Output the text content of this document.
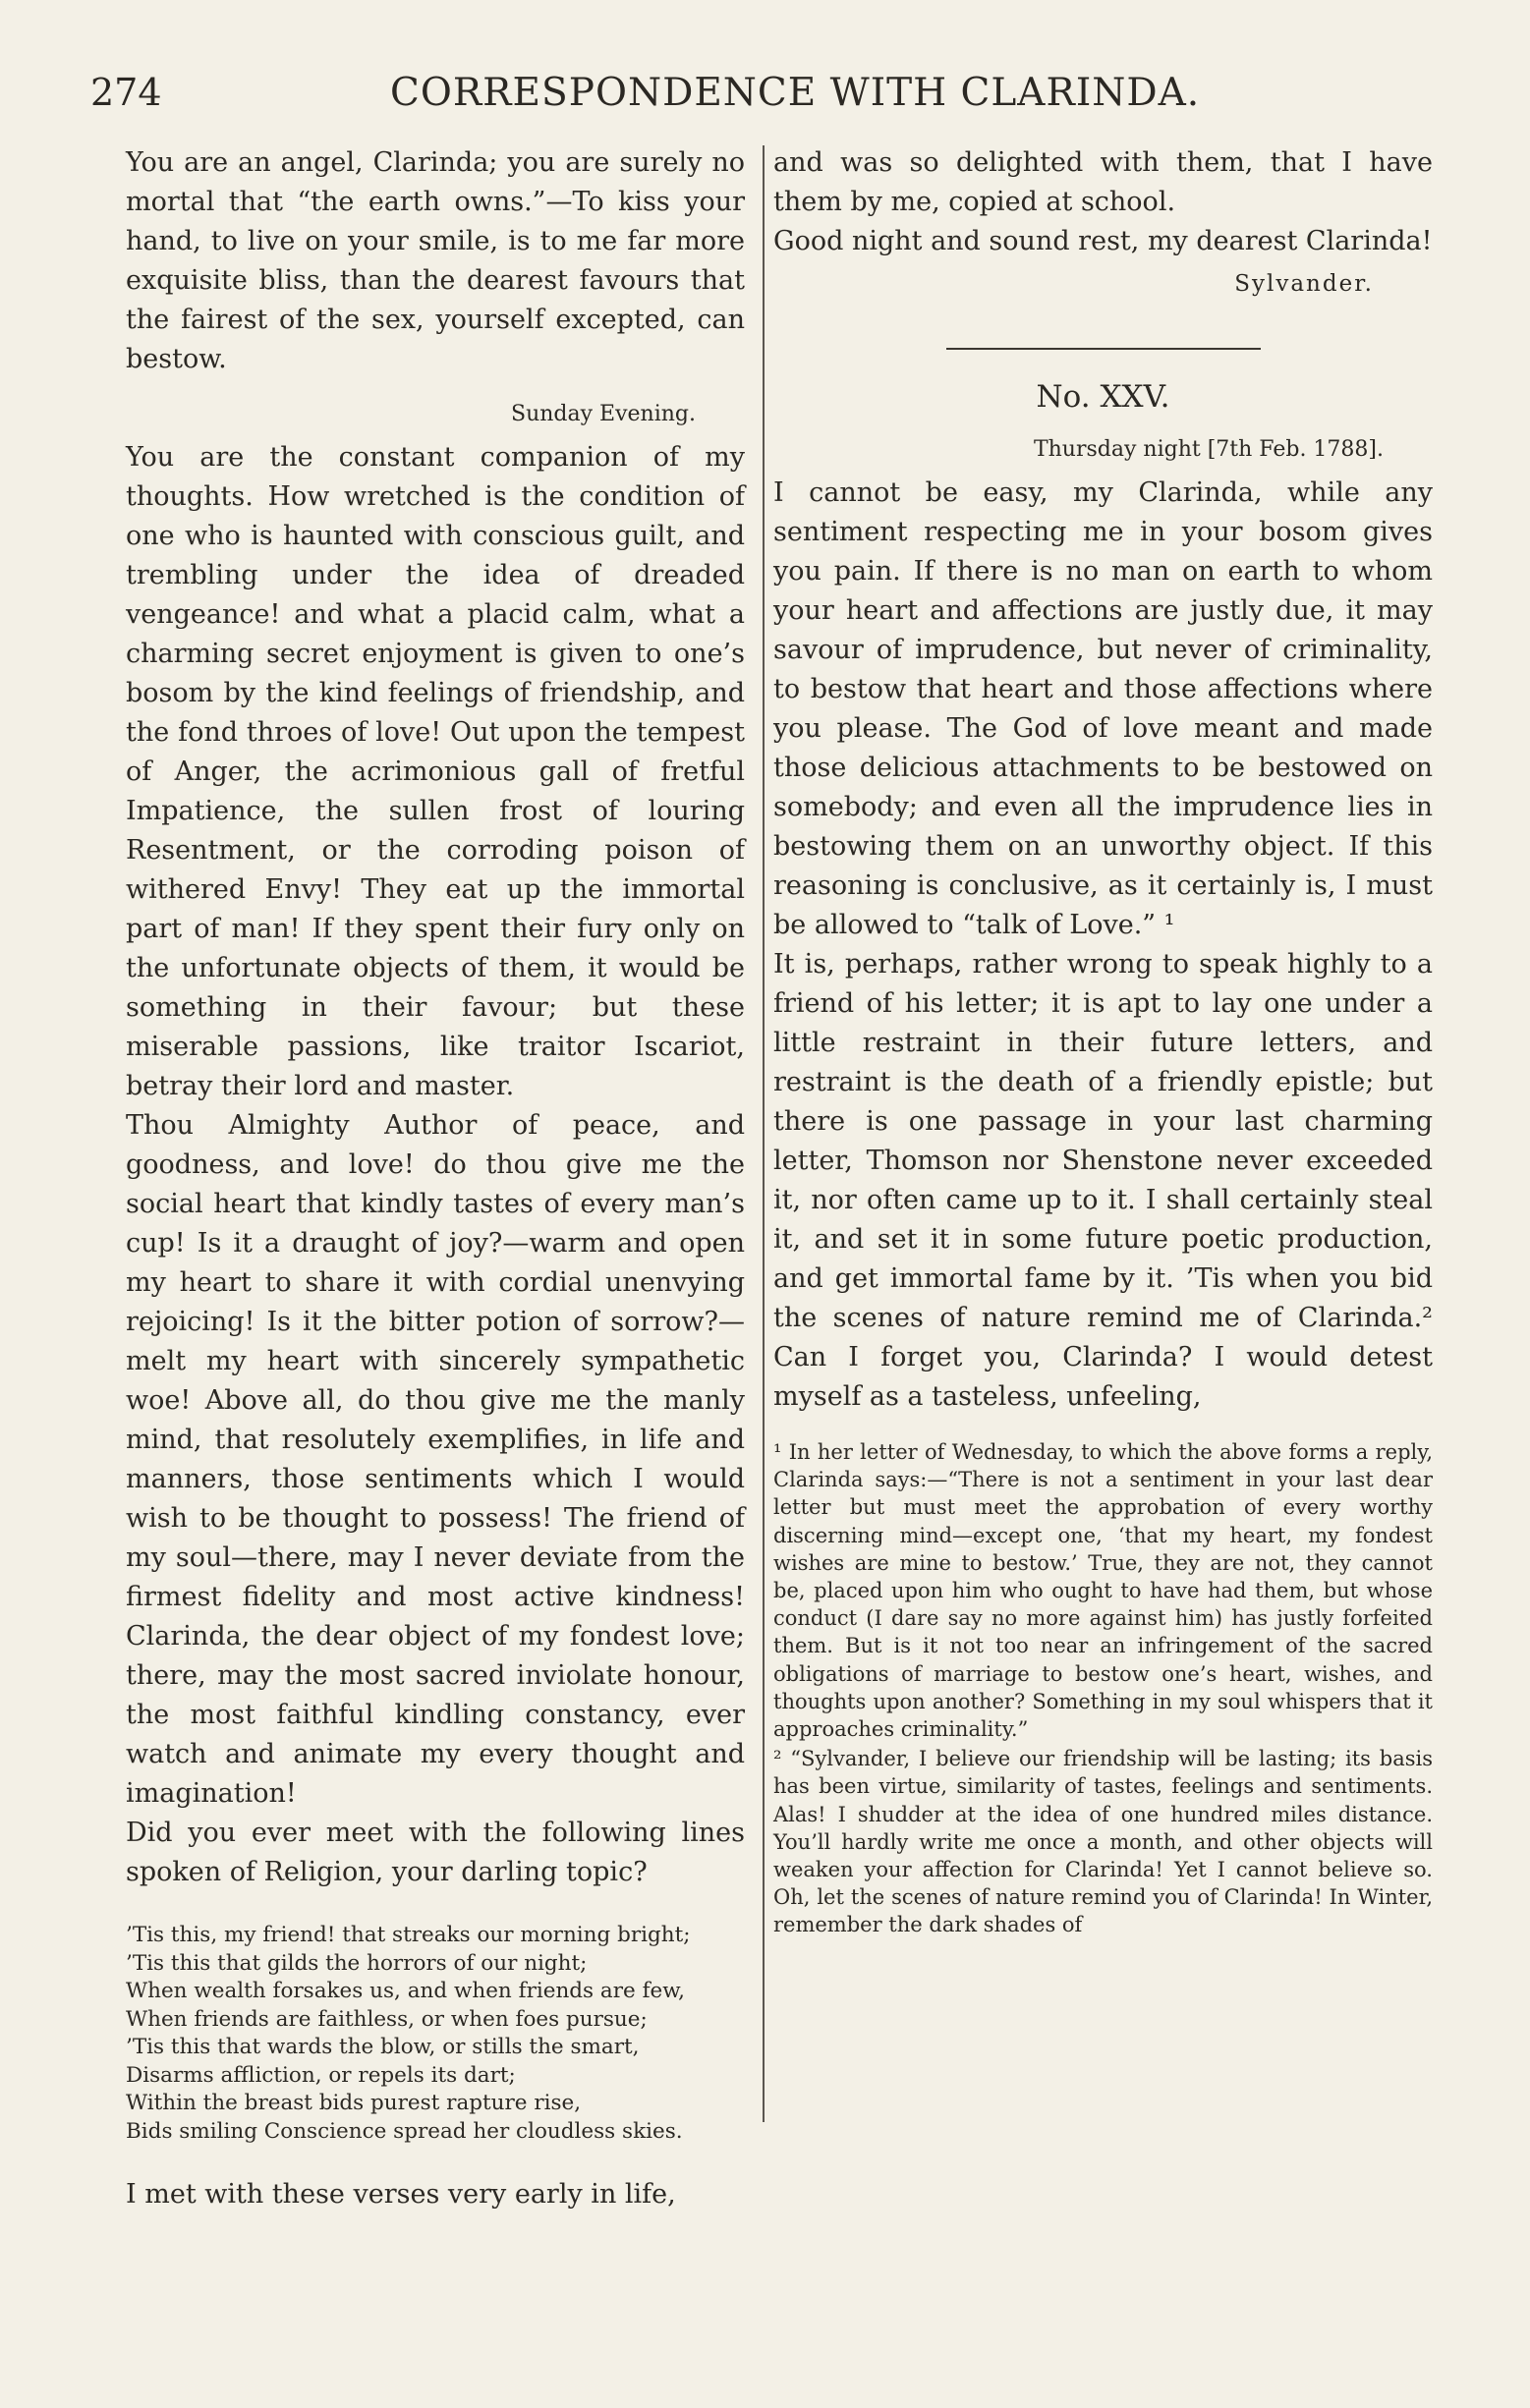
274	CORRESPONDENCE WITH CLARINDA.

You are an angel, Clarinda; you are surely no mortal that “the earth owns.”—To kiss your hand, to live on your smile, is to me far more exquisite bliss, than the dearest favours that the fairest of the sex, yourself excepted, can bestow.

Sunday Evening.

You are the constant companion of my thoughts. How wretched is the condition of one who is haunted with conscious guilt, and trembling under the idea of dreaded vengeance! and what a placid calm, what a charming secret enjoyment is given to one’s bosom by the kind feelings of friendship, and the fond throes of love! Out upon the tempest of Anger, the acrimonious gall of fretful Impatience, the sullen frost of louring Resentment, or the corroding poison of withered Envy! They eat up the immortal part of man! If they spent their fury only on the unfortunate objects of them, it would be something in their favour; but these miserable passions, like traitor Iscariot, betray their lord and master.

Thou Almighty Author of peace, and goodness, and love! do thou give me the social heart that kindly tastes of every man’s cup! Is it a draught of joy?—warm and open my heart to share it with cordial unenvying rejoicing! Is it the bitter potion of sorrow?—melt my heart with sincerely sympathetic woe! Above all, do thou give me the manly mind, that resolutely exemplifies, in life and manners, those sentiments which I would wish to be thought to possess! The friend of my soul—there, may I never deviate from the firmest fidelity and most active kindness! Clarinda, the dear object of my fondest love; there, may the most sacred inviolate honour, the most faithful kindling constancy, ever watch and animate my every thought and imagination!

Did you ever meet with the following lines spoken of Religion, your darling topic?

’Tis this, my friend! that streaks our morning bright;

’Tis this that gilds the horrors of our night;

When wealth forsakes us, and when friends are few,

When friends are faithless, or when foes pursue;

’Tis this that wards the blow, or stills the smart,

Disarms affliction, or repels its dart;

Within the breast bids purest rapture rise,

Bids smiling Conscience spread her cloudless skies.

I met with these verses very early in life,

and was so delighted with them, that I have them by me, copied at school.

Good night and sound rest, my dearest Clarinda!

Sylvander.

No. XXV.

Thursday night [7th Feb. 1788].

I cannot be easy, my Clarinda, while any sentiment respecting me in your bosom gives you pain. If there is no man on earth to whom your heart and affections are justly due, it may savour of imprudence, but never of criminality, to bestow that heart and those affections where you please. The God of love meant and made those delicious attachments to be bestowed on somebody; and even all the imprudence lies in bestowing them on an unworthy object. If this reasoning is conclusive, as it certainly is, I must be allowed to “talk of Love.” ¹

It is, perhaps, rather wrong to speak highly to a friend of his letter; it is apt to lay one under a little restraint in their future letters, and restraint is the death of a friendly epistle; but there is one passage in your last charming letter, Thomson nor Shenstone never exceeded it, nor often came up to it. I shall certainly steal it, and set it in some future poetic production, and get immortal fame by it. ’Tis when you bid the scenes of nature remind me of Clarinda.² Can I forget you, Clarinda? I would detest myself as a tasteless, unfeeling,

¹ In her letter of Wednesday, to which the above forms a reply, Clarinda says:—“There is not a sentiment in your last dear letter but must meet the approbation of every worthy discerning mind—except one, ‘that my heart, my fondest wishes are mine to bestow.’ True, they are not, they cannot be, placed upon him who ought to have had them, but whose conduct (I dare say no more against him) has justly forfeited them. But is it not too near an infringement of the sacred obligations of marriage to bestow one’s heart, wishes, and thoughts upon another? Something in my soul whispers that it approaches criminality.”

² “Sylvander, I believe our friendship will be lasting; its basis has been virtue, similarity of tastes, feelings and sentiments. Alas! I shudder at the idea of one hundred miles distance. You’ll hardly write me once a month, and other objects will weaken your affection for Clarinda! Yet I cannot believe so. Oh, let the scenes of nature remind you of Clarinda! In Winter, remember the dark shades of
